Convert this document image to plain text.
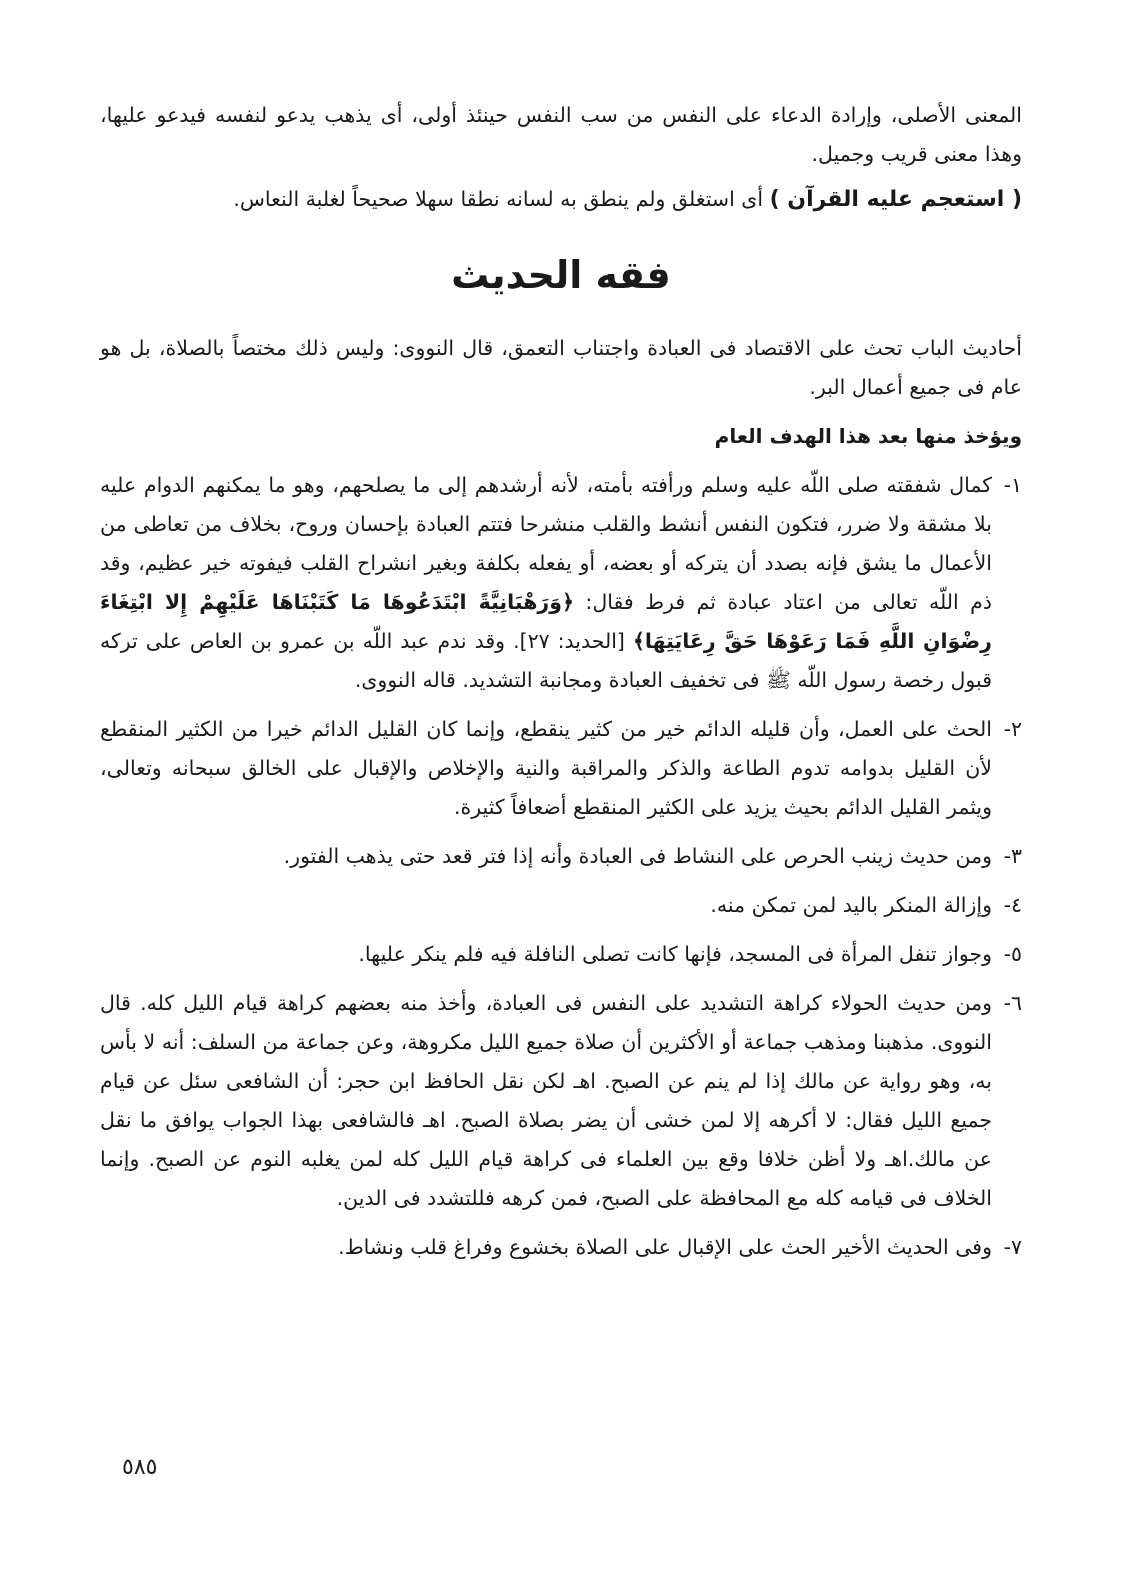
المعنى الأصلى، وإرادة الدعاء على النفس من سب النفس حينئذ أولى، أى يذهب يدعو لنفسه فيدعو عليها، وهذا معنى قريب وجميل.

( استعجم عليه القرآن ) أى استغلق ولم ينطق به لسانه نطقا سهلا صحيحاً لغلبة النعاس.

فقه الحديث

أحاديث الباب تحث على الاقتصاد فى العبادة واجتناب التعمق، قال النووى: وليس ذلك مختصاً بالصلاة، بل هو عام فى جميع أعمال البر.

ويؤخذ منها بعد هذا الهدف العام

١-
كمال شفقته صلى اللّه عليه وسلم ورأفته بأمته، لأنه أرشدهم إلى ما يصلحهم، وهو ما يمكنهم الدوام عليه بلا مشقة ولا ضرر، فتكون النفس أنشط والقلب منشرحا فتتم العبادة بإحسان وروح، بخلاف من تعاطى من الأعمال ما يشق فإنه بصدد أن يتركه أو بعضه، أو يفعله بكلفة وبغير انشراح القلب فيفوته خير عظيم، وقد ذم اللّه تعالى من اعتاد عبادة ثم فرط فقال: ﴿وَرَهْبَانِيَّةً ابْتَدَعُوهَا مَا كَتَبْنَاهَا عَلَيْهِمْ إِلا ابْتِغَاءَ رِضْوَانِ اللَّهِ فَمَا رَعَوْهَا حَقَّ رِعَايَتِهَا﴾ [الحديد: ٢٧]. وقد ندم عبد اللّه بن عمرو بن العاص على تركه قبول رخصة رسول اللّه ﷺ فى تخفيف العبادة ومجانبة التشديد. قاله النووى.
٢-
الحث على العمل، وأن قليله الدائم خير من كثير ينقطع، وإنما كان القليل الدائم خيرا من الكثير المنقطع لأن القليل بدوامه تدوم الطاعة والذكر والمراقبة والنية والإخلاص والإقبال على الخالق سبحانه وتعالى، ويثمر القليل الدائم بحيث يزيد على الكثير المنقطع أضعافاً كثيرة.
٣-
ومن حديث زينب الحرص على النشاط فى العبادة وأنه إذا فتر قعد حتى يذهب الفتور.
٤-
وإزالة المنكر باليد لمن تمكن منه.
٥-
وجواز تنفل المرأة فى المسجد، فإنها كانت تصلى النافلة فيه فلم ينكر عليها.
٦-
ومن حديث الحولاء كراهة التشديد على النفس فى العبادة، وأخذ منه بعضهم كراهة قيام الليل كله. قال النووى. مذهبنا ومذهب جماعة أو الأكثرين أن صلاة جميع الليل مكروهة، وعن جماعة من السلف: أنه لا بأس به، وهو رواية عن مالك إذا لم ينم عن الصبح. اهـ لكن نقل الحافظ ابن حجر: أن الشافعى سئل عن قيام جميع الليل فقال: لا أكرهه إلا لمن خشى أن يضر بصلاة الصبح. اهـ فالشافعى بهذا الجواب يوافق ما نقل عن مالك.اهـ ولا أظن خلافا وقع بين العلماء فى كراهة قيام الليل كله لمن يغلبه النوم عن الصبح. وإنما الخلاف فى قيامه كله مع المحافظة على الصبح، فمن كرهه فللتشدد فى الدين.
٧-
وفى الحديث الأخير الحث على الإقبال على الصلاة بخشوع وفراغ قلب ونشاط.
٥٨٥
